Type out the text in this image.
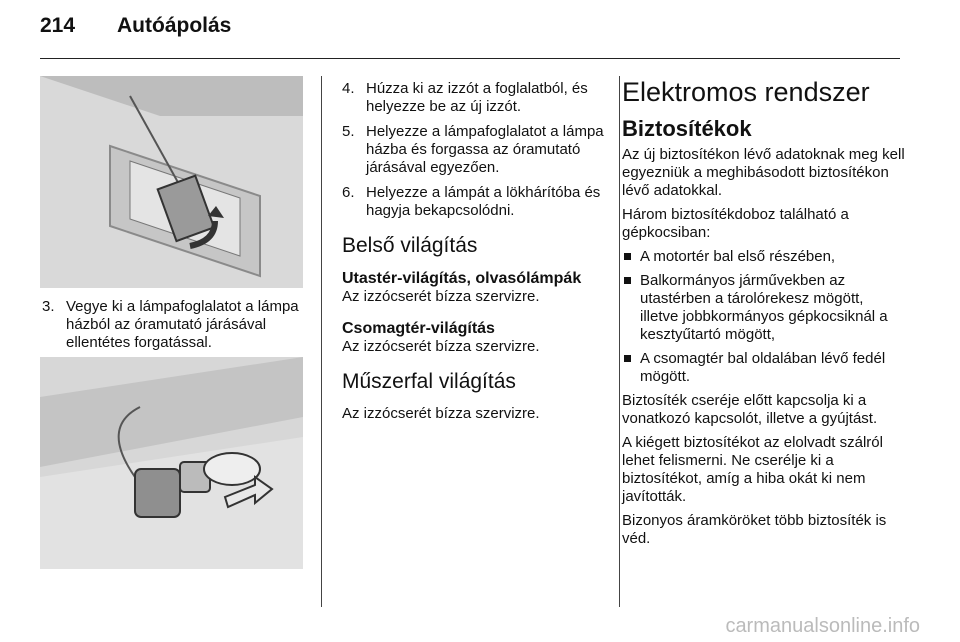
214 Autóápolás
3. Vegye ki a lámpafoglalatot a lámpa házból az óramutató járásával ellentétes forgatással.
4. Húzza ki az izzót a foglalatból, és helyezze be az új izzót.
5. Helyezze a lámpafoglalatot a lámpa házba és forgassa az óramutató járásával egyezően.
6. Helyezze a lámpát a lökhárítóba és hagyja bekapcsolódni.
Belső világítás
Utastér-világítás, olvasólámpák

Az izzócserét bízza szervizre.

Csomagtér-világítás

Az izzócserét bízza szervizre.

Műszerfal világítás

Az izzócserét bízza szervizre.

Elektromos rendszer
Biztosítékok

Az új biztosítékon lévő adatoknak meg kell egyezniük a meghibásodott biztosítékon lévő adatokkal.

Három biztosítékdoboz található a gépkocsiban:

A motortér bal első részében,
Balkormányos járművekben az utastérben a tárolórekesz mögött, illetve jobbkormányos gépkocsiknál a kesztyűtartó mögött,
A csomagtér bal oldalában lévő fedél mögött.

Biztosíték cseréje előtt kapcsolja ki a vonatkozó kapcsolót, illetve a gyújtást.

A kiégett biztosítékot az elolvadt szálról lehet felismerni. Ne cserélje ki a biztosítékot, amíg a hiba okát ki nem javították.

Bizonyos áramköröket több biztosíték is véd.

carmanualsonline.info
